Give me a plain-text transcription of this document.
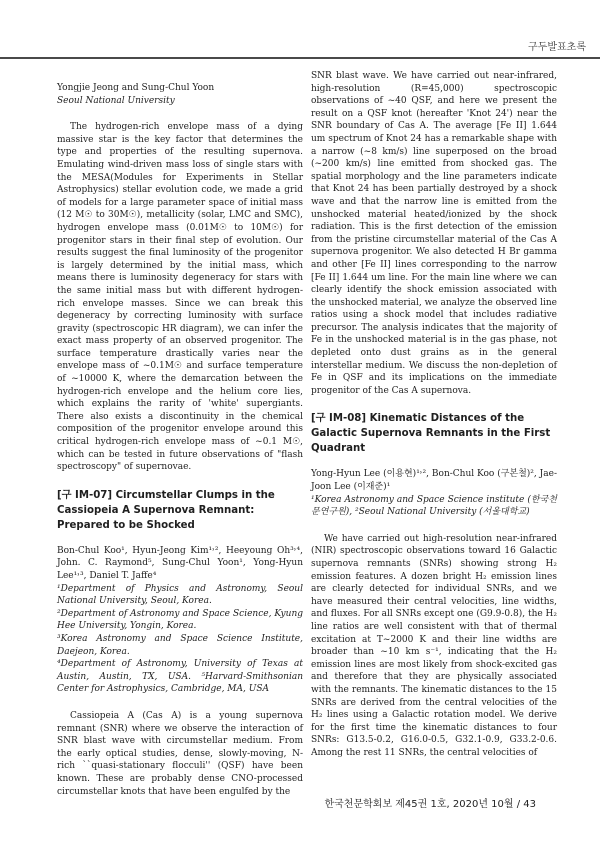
구두발표초록

Yongjie Jeong and Sung-Chul Yoon

Seoul National University

The hydrogen-rich envelope mass of a dying massive star is the key factor that determines the type and properties of the resulting supernova. Emulating wind-driven mass loss of single stars with the MESA(Modules for Experiments in Stellar Astrophysics) stellar evolution code, we made a grid of models for a large parameter space of initial mass (12 M☉ to 30M☉), metallicity (solar, LMC and SMC), hydrogen envelope mass (0.01M☉ to 10M☉) for progenitor stars in their final step of evolution. Our results suggest the final luminosity of the progenitor is largely determined by the initial mass, which means there is luminosity degeneracy for stars with the same initial mass but with different hydrogen-rich envelope masses. Since we can break this degeneracy by correcting luminosity with surface gravity (spectroscopic HR diagram), we can infer the exact mass property of an observed progenitor. The surface temperature drastically varies near the envelope mass of ~0.1M☉ and surface temperature of ~10000 K, where the demarcation between the hydrogen-rich envelope and the helium core lies, which explains the rarity of 'white' supergiants. There also exists a discontinuity in the chemical composition of the progenitor envelope around this critical hydrogen-rich envelope mass of ~0.1 M☉, which can be tested in future observations of "flash spectroscopy" of supernovae.

[구 IM-07] Circumstellar Clumps in the Cassiopeia A Supernova Remnant: Prepared to be Shocked

Bon-Chul Koo¹, Hyun-Jeong Kim¹˒², Heeyoung Oh³˒⁴, John. C. Raymond⁵, Sung-Chul Yoon¹, Yong-Hyun Lee¹˒³, Daniel T. Jaffe⁴

¹Department of Physics and Astronomy, Seoul National University, Seoul, Korea.

²Department of Astronomy and Space Science, Kyung Hee University, Yongin, Korea.

³Korea Astronomy and Space Science Institute, Daejeon, Korea.

⁴Department of Astronomy, University of Texas at Austin, Austin, TX, USA. ⁵Harvard-Smithsonian Center for Astrophysics, Cambridge, MA, USA

Cassiopeia A (Cas A) is a young supernova remnant (SNR) where we observe the interaction of SNR blast wave with circumstellar medium. From the early optical studies, dense, slowly-moving, N-rich ``quasi-stationary flocculi'' (QSF) have been known. These are probably dense CNO-processed circumstellar knots that have been engulfed by the

SNR blast wave. We have carried out near-infrared, high-resolution (R=45,000) spectroscopic observations of ~40 QSF, and here we present the result on a QSF knot (hereafter 'Knot 24') near the SNR boundary of Cas A. The average [Fe II] 1.644 um spectrum of Knot 24 has a remarkable shape with a narrow (~8 km/s) line superposed on the broad (~200 km/s) line emitted from shocked gas. The spatial morphology and the line parameters indicate that Knot 24 has been partially destroyed by a shock wave and that the narrow line is emitted from the unshocked material heated/ionized by the shock radiation. This is the first detection of the emission from the pristine circumstellar material of the Cas A supernova progenitor. We also detected H Br gamma and other [Fe II] lines corresponding to the narrow [Fe II] 1.644 um line. For the main line where we can clearly identify the shock emission associated with the unshocked material, we analyze the observed line ratios using a shock model that includes radiative precursor. The analysis indicates that the majority of Fe in the unshocked material is in the gas phase, not depleted onto dust grains as in the general interstellar medium. We discuss the non-depletion of Fe in QSF and its implications on the immediate progenitor of the Cas A supernova.

[구 IM-08] Kinematic Distances of the Galactic Supernova Remnants in the First Quadrant

Yong-Hyun Lee (이용현)¹˒², Bon-Chul Koo (구본철)², Jae-Joon Lee (이재준)¹

¹Korea Astronomy and Space Science institute (한국천문연구원), ²Seoul National University (서울대학교)

We have carried out high-resolution near-infrared (NIR) spectroscopic observations toward 16 Galactic supernova remnants (SNRs) showing strong H₂ emission features. A dozen bright H₂ emission lines are clearly detected for individual SNRs, and we have measured their central velocities, line widths, and fluxes. For all SNRs except one (G9.9-0.8), the H₂ line ratios are well consistent with that of thermal excitation at T~2000 K and their line widths are broader than ~10 km s⁻¹, indicating that the H₂ emission lines are most likely from shock-excited gas and therefore that they are physically associated with the remnants. The kinematic distances to the 15 SNRs are derived from the central velocities of the H₂ lines using a Galactic rotation model. We derive for the first time the kinematic distances to four SNRs: G13.5-0.2, G16.0-0.5, G32.1-0.9, G33.2-0.6. Among the rest 11 SNRs, the central velocities of

한국천문학회보 제45권 1호, 2020년 10월 / 43
